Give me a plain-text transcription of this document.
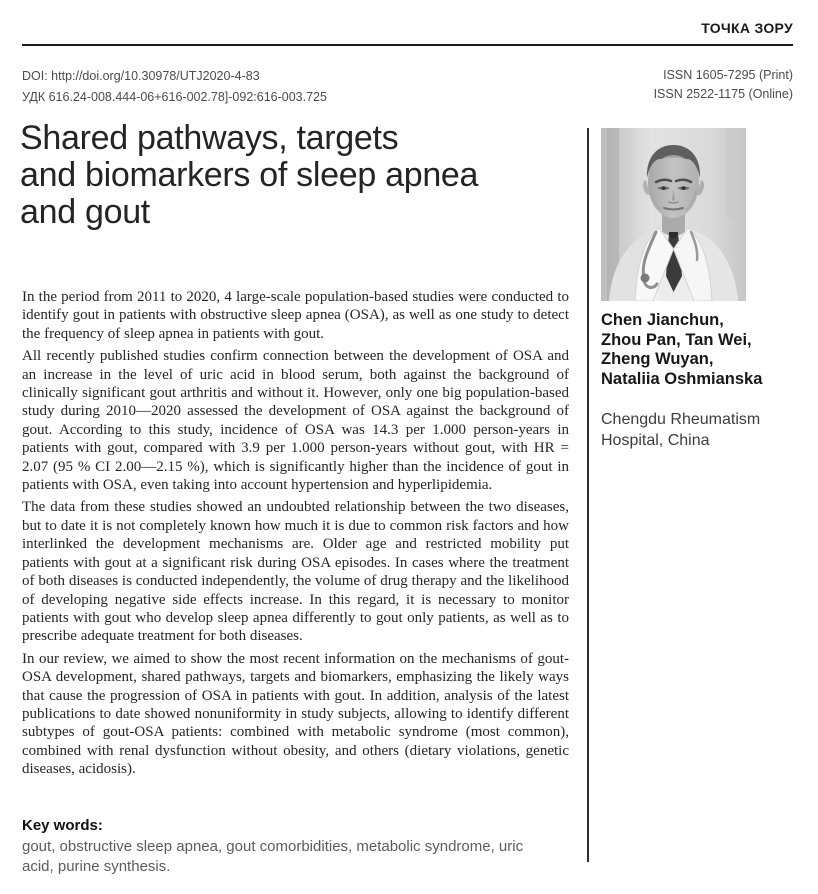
ТОЧКА ЗОРУ
DOI: http://doi.org/10.30978/UTJ2020-4-83
УДК 616.24-008.444-06+616-002.78]-092:616-003.725
ISSN 1605-7295 (Print)
ISSN 2522-1175 (Online)
Shared pathways, targets
and biomarkers of sleep apnea
and gout

In the period from 2011 to 2020, 4 large-scale population-based studies were conducted to identify gout in patients with obstructive sleep apnea (OSA), as well as one study to detect the frequency of sleep apnea in patients with gout.

All recently published studies confirm connection between the development of OSA and an increase in the level of uric acid in blood serum, both against the background of clinically significant gout arthritis and without it. However, only one big population-based study during 2010—2020 assessed the development of OSA against the background of gout. According to this study, incidence of OSA was 14.3 per 1.000 person-years in patients with gout, compared with 3.9 per 1.000 person-years without gout, with HR = 2.07 (95 % CI 2.00—2.15 %), which is significantly higher than the incidence of gout in patients with OSA, even taking into account hypertension and hyperlipidemia.

The data from these studies showed an undoubted relationship between the two diseases, but to date it is not completely known how much it is due to common risk factors and how interlinked the development mechanisms are. Older age and restricted mobility put patients with gout at a significant risk during OSA episodes. In cases where the treatment of both diseases is conducted independently, the volume of drug therapy and the likelihood of developing negative side effects increase. In this regard, it is necessary to monitor patients with gout who develop sleep apnea differently to gout only patients, as well as to prescribe adequate treatment for both diseases.

In our review, we aimed to show the most recent information on the mechanisms of gout-OSA development, shared pathways, targets and biomarkers, emphasizing the likely ways that cause the progression of OSA in patients with gout. In addition, analysis of the latest publications to date showed nonuniformity in study subjects, allowing to identify different subtypes of gout-OSA patients: combined with metabolic syndrome (most common), combined with renal dysfunction without obesity, and others (dietary violations, genetic diseases, acidosis).

Key words:
gout, obstructive sleep apnea, gout comorbidities, metabolic syndrome, uric acid, purine synthesis.
Chen Jianchun,
Zhou Pan, Tan Wei,
Zheng Wuyan,
Nataliia Oshmianska
Chengdu Rheumatism
Hospital, China
